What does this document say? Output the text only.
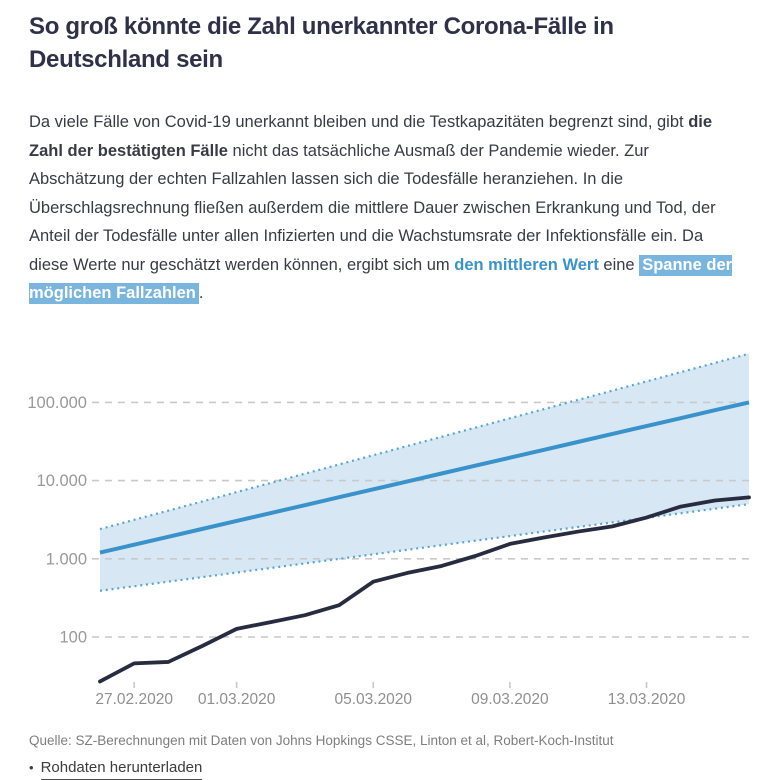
So groß könnte die Zahl unerkannter Corona-Fälle in Deutschland sein

Da viele Fälle von Covid-19 unerkannt bleiben und die Testkapazitäten begrenzt sind, gibt die Zahl der bestätigten Fälle nicht das tatsächliche Ausmaß der Pandemie wieder. Zur Abschätzung der echten Fallzahlen lassen sich die Todesfälle heranziehen. In die Überschlagsrechnung fließen außerdem die mittlere Dauer zwischen Erkrankung und Tod, der Anteil der Todesfälle unter allen Infizierten und die Wachstumsrate der Infektionsfälle ein. Da diese Werte nur geschätzt werden können, ergibt sich um den mittleren Wert eine Spanne der möglichen Fallzahlen .

100
1.000
10.000
100.000
27.02.2020 01.03.2020	05.03.2020	09.03.2020	13.03.2020
Quelle: SZ-Berechnungen mit Daten von Johns Hopkings CSSE, Linton et al, Robert-Koch-Institut
• Rohdaten herunterladen
